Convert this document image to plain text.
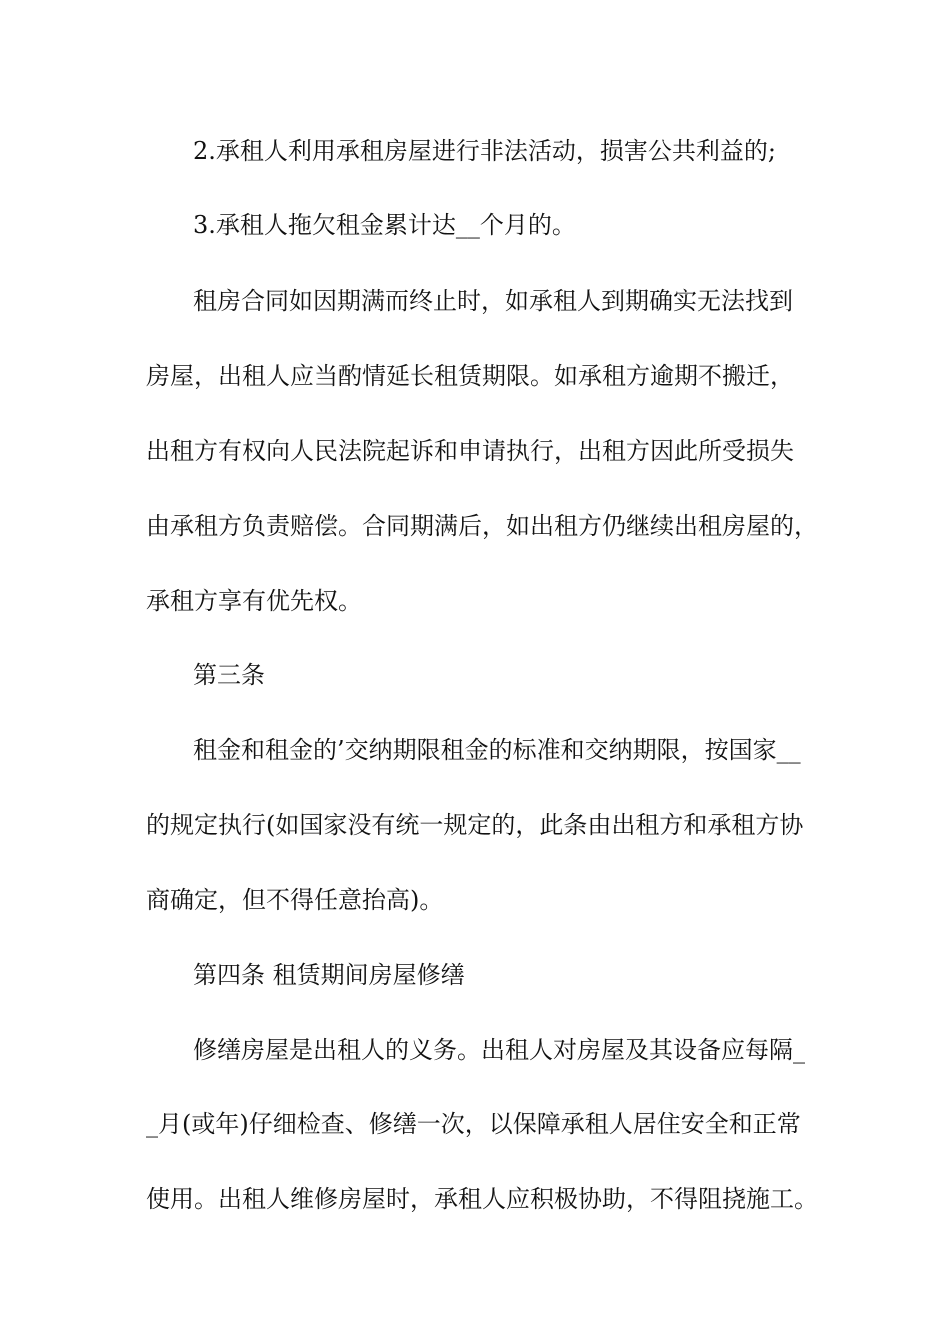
2.承租人利用承租房屋进行非法活动，损害公共利益的;
3.承租人拖欠租金累计达__个月的。
租房合同如因期满而终止时，如承租人到期确实无法找到
房屋，出租人应当酌情延长租赁期限。如承租方逾期不搬迁，
出租方有权向人民法院起诉和申请执行，出租方因此所受损失
由承租方负责赔偿。合同期满后，如出租方仍继续出租房屋的，
承租方享有优先权。
第三条
租金和租金的’交纳期限租金的标准和交纳期限，按国家__
的规定执行(如国家没有统一规定的，此条由出租方和承租方协
商确定，但不得任意抬高)。
第四条 租赁期间房屋修缮
修缮房屋是出租人的义务。出租人对房屋及其设备应每隔_
_月(或年)仔细检查、修缮一次，以保障承租人居住安全和正常
使用。出租人维修房屋时，承租人应积极协助，不得阻挠施工。
